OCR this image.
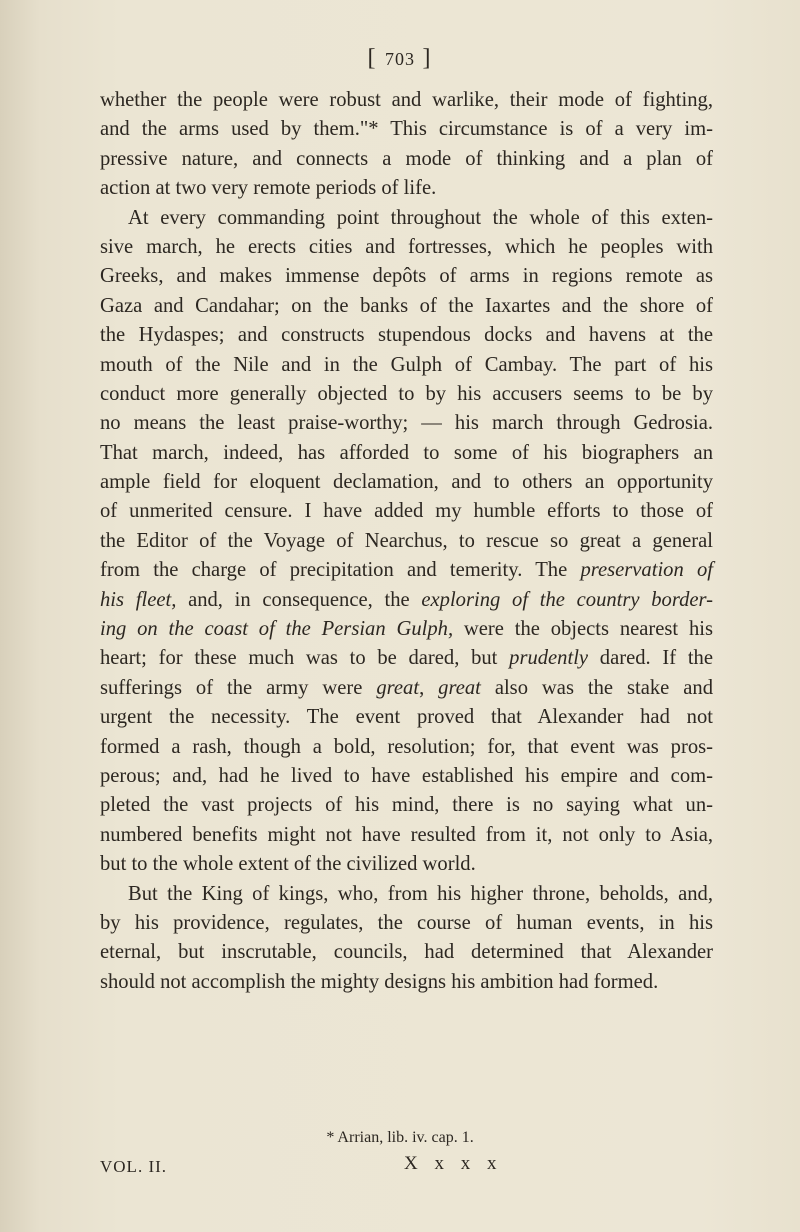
[ 703 ]
whether the people were robust and warlike, their mode of fighting,
and the arms used by them."* This circumstance is of a very im-
pressive nature, and connects a mode of thinking and a plan of
action at two very remote periods of life.
At every commanding point throughout the whole of this exten-
sive march, he erects cities and fortresses, which he peoples with
Greeks, and makes immense depôts of arms in regions remote as
Gaza and Candahar; on the banks of the Iaxartes and the shore of
the Hydaspes; and constructs stupendous docks and havens at the
mouth of the Nile and in the Gulph of Cambay. The part of his
conduct more generally objected to by his accusers seems to be by
no means the least praise-worthy; — his march through Gedrosia.
That march, indeed, has afforded to some of his biographers an
ample field for eloquent declamation, and to others an opportunity
of unmerited censure. I have added my humble efforts to those of
the Editor of the Voyage of Nearchus, to rescue so great a general
from the charge of precipitation and temerity. The preservation of
his fleet, and, in consequence, the exploring of the country border-
ing on the coast of the Persian Gulph, were the objects nearest his
heart; for these much was to be dared, but prudently dared. If the
sufferings of the army were great, great also was the stake and
urgent the necessity. The event proved that Alexander had not
formed a rash, though a bold, resolution; for, that event was pros-
perous; and, had he lived to have established his empire and com-
pleted the vast projects of his mind, there is no saying what un-
numbered benefits might not have resulted from it, not only to Asia,
but to the whole extent of the civilized world.
But the King of kings, who, from his higher throne, beholds, and,
by his providence, regulates, the course of human events, in his
eternal, but inscrutable, councils, had determined that Alexander
should not accomplish the mighty designs his ambition had formed.
* Arrian, lib. iv. cap. 1.
VOL. II.	X x x x
